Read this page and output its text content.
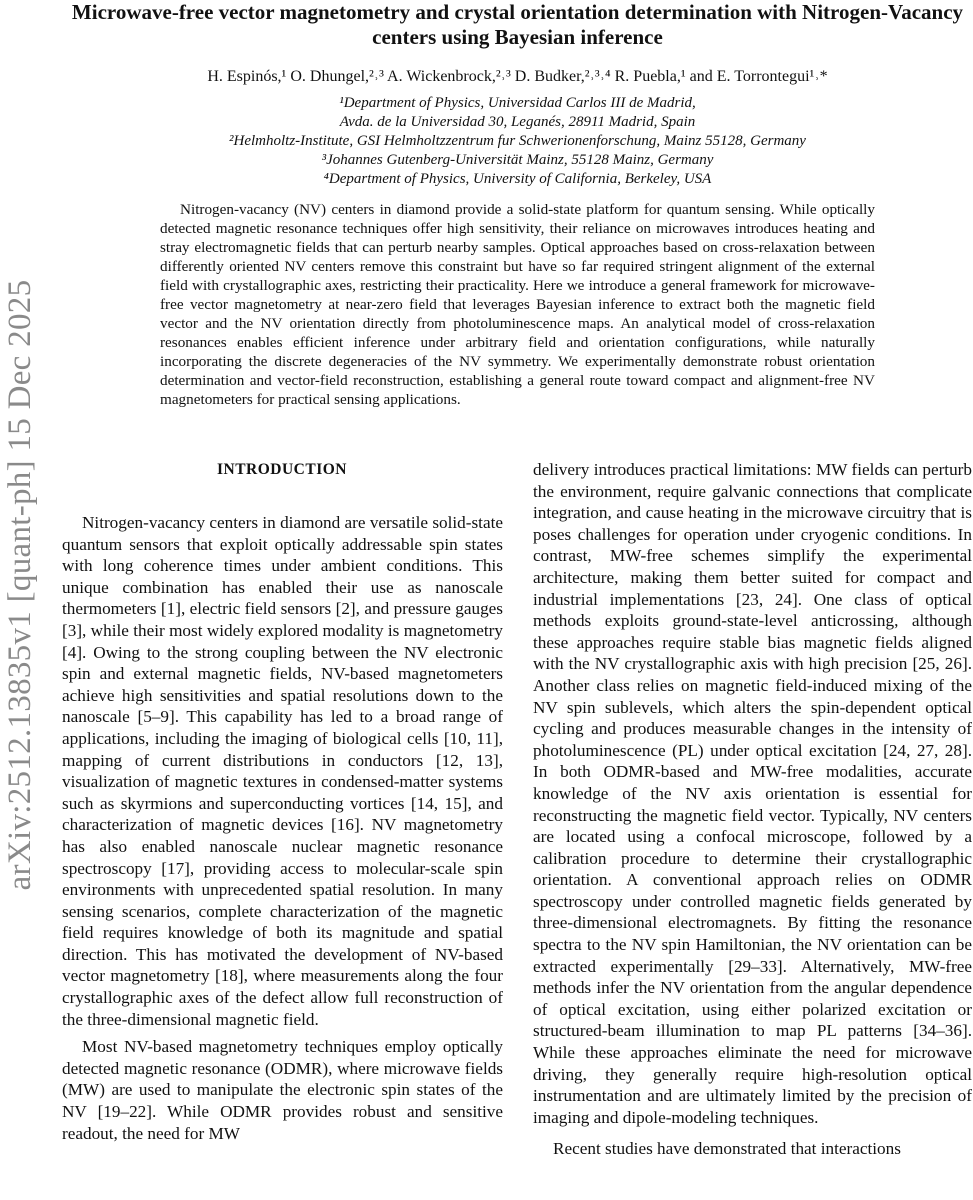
arXiv:2512.13835v1 [quant-ph] 15 Dec 2025
Microwave-free vector magnetometry and crystal orientation determination with Nitrogen-Vacancy centers using Bayesian inference
H. Espinós,¹ O. Dhungel,²˒³ A. Wickenbrock,²˒³ D. Budker,²˒³˒⁴ R. Puebla,¹ and E. Torrontegui¹˒*
¹Department of Physics, Universidad Carlos III de Madrid,
Avda. de la Universidad 30, Leganés, 28911 Madrid, Spain
²Helmholtz-Institute, GSI Helmholtzzentrum fur Schwerionenforschung, Mainz 55128, Germany
³Johannes Gutenberg-Universität Mainz, 55128 Mainz, Germany
⁴Department of Physics, University of California, Berkeley, USA
Nitrogen-vacancy (NV) centers in diamond provide a solid-state platform for quantum sensing. While optically detected magnetic resonance techniques offer high sensitivity, their reliance on microwaves introduces heating and stray electromagnetic fields that can perturb nearby samples. Optical approaches based on cross-relaxation between differently oriented NV centers remove this constraint but have so far required stringent alignment of the external field with crystallographic axes, restricting their practicality. Here we introduce a general framework for microwave-free vector magnetometry at near-zero field that leverages Bayesian inference to extract both the magnetic field vector and the NV orientation directly from photoluminescence maps. An analytical model of cross-relaxation resonances enables efficient inference under arbitrary field and orientation configurations, while naturally incorporating the discrete degeneracies of the NV symmetry. We experimentally demonstrate robust orientation determination and vector-field reconstruction, establishing a general route toward compact and alignment-free NV magnetometers for practical sensing applications.
INTRODUCTION

Nitrogen-vacancy centers in diamond are versatile solid-state quantum sensors that exploit optically addressable spin states with long coherence times under ambient conditions. This unique combination has enabled their use as nanoscale thermometers [1], electric field sensors [2], and pressure gauges [3], while their most widely explored modality is magnetometry [4]. Owing to the strong coupling between the NV electronic spin and external magnetic fields, NV-based magnetometers achieve high sensitivities and spatial resolutions down to the nanoscale [5–9]. This capability has led to a broad range of applications, including the imaging of biological cells [10, 11], mapping of current distributions in conductors [12, 13], visualization of magnetic textures in condensed-matter systems such as skyrmions and superconducting vortices [14, 15], and characterization of magnetic devices [16]. NV magnetometry has also enabled nanoscale nuclear magnetic resonance spectroscopy [17], providing access to molecular-scale spin environments with unprecedented spatial resolution. In many sensing scenarios, complete characterization of the magnetic field requires knowledge of both its magnitude and spatial direction. This has motivated the development of NV-based vector magnetometry [18], where measurements along the four crystallographic axes of the defect allow full reconstruction of the three-dimensional magnetic field.

Most NV-based magnetometry techniques employ optically detected magnetic resonance (ODMR), where microwave fields (MW) are used to manipulate the electronic spin states of the NV [19–22]. While ODMR provides robust and sensitive readout, the need for MW

delivery introduces practical limitations: MW fields can perturb the environment, require galvanic connections that complicate integration, and cause heating in the microwave circuitry that is poses challenges for operation under cryogenic conditions. In contrast, MW-free schemes simplify the experimental architecture, making them better suited for compact and industrial implementations [23, 24]. One class of optical methods exploits ground-state-level anticrossing, although these approaches require stable bias magnetic fields aligned with the NV crystallographic axis with high precision [25, 26]. Another class relies on magnetic field-induced mixing of the NV spin sublevels, which alters the spin-dependent optical cycling and produces measurable changes in the intensity of photoluminescence (PL) under optical excitation [24, 27, 28]. In both ODMR-based and MW-free modalities, accurate knowledge of the NV axis orientation is essential for reconstructing the magnetic field vector. Typically, NV centers are located using a confocal microscope, followed by a calibration procedure to determine their crystallographic orientation. A conventional approach relies on ODMR spectroscopy under controlled magnetic fields generated by three-dimensional electromagnets. By fitting the resonance spectra to the NV spin Hamiltonian, the NV orientation can be extracted experimentally [29–33]. Alternatively, MW-free methods infer the NV orientation from the angular dependence of optical excitation, using either polarized excitation or structured-beam illumination to map PL patterns [34–36]. While these approaches eliminate the need for microwave driving, they generally require high-resolution optical instrumentation and are ultimately limited by the precision of imaging and dipole-modeling techniques.

Recent studies have demonstrated that interactions
